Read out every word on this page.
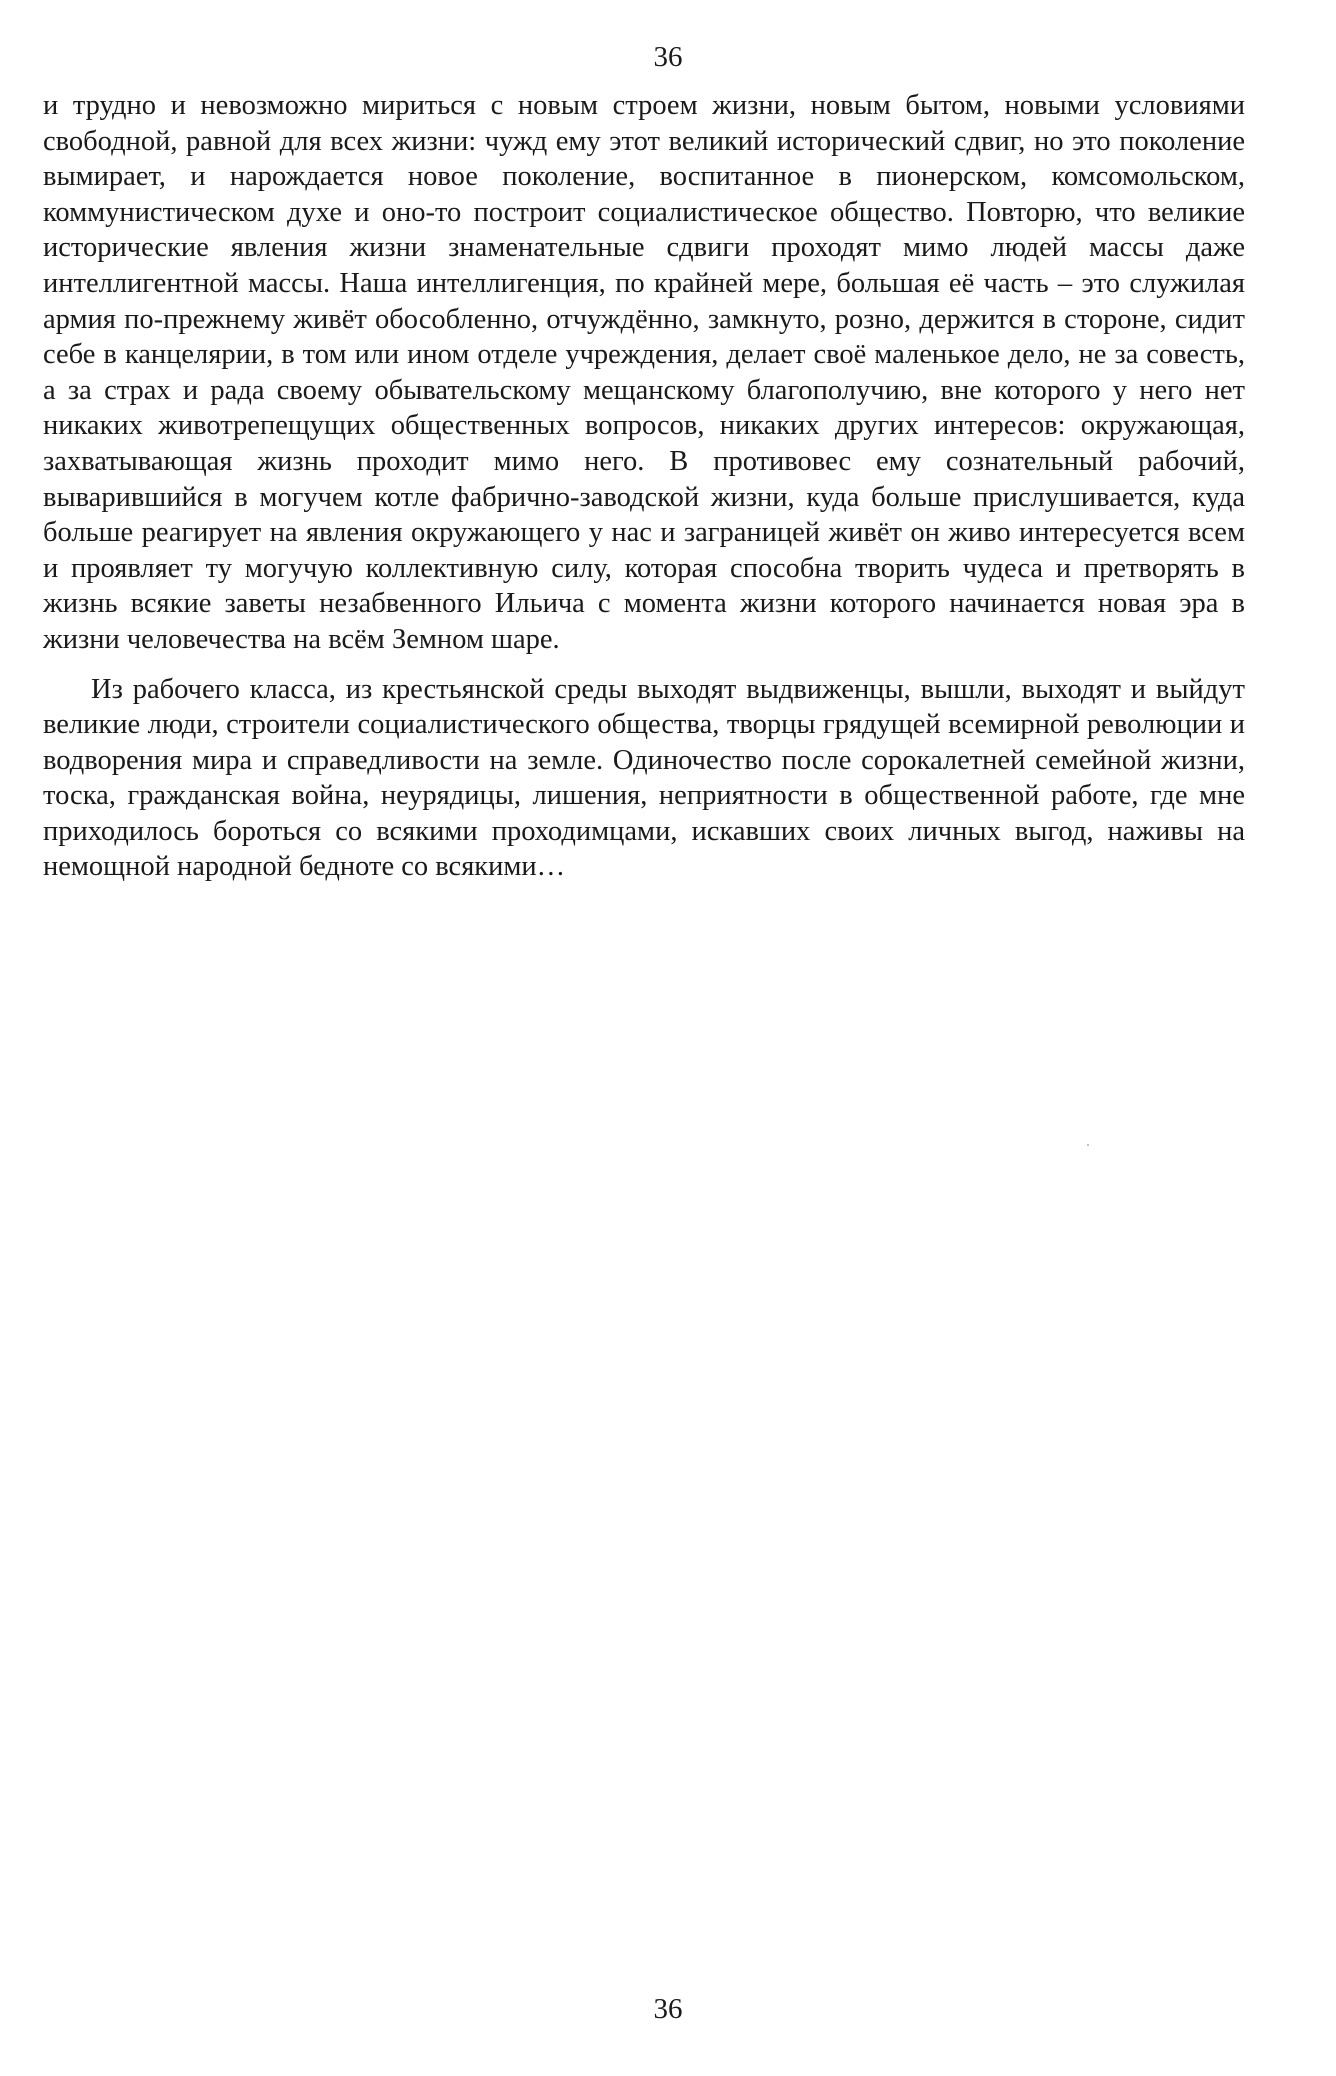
36

и трудно и невозможно мириться с новым строем жизни, новым бытом, новыми условиями свободной, равной для всех жизни: чужд ему этот великий исторический сдвиг, но это поколение вымирает, и нарождается новое поколение, воспитанное в пионерском, комсомольском, коммунистическом духе и оно-то построит социалистическое общество. Повторю, что великие исторические явления жизни знаменательные сдвиги проходят мимо людей массы даже интеллигентной массы. Наша интеллигенция, по крайней мере, большая её часть – это служилая армия по-прежнему живёт обособленно, отчуждённо, замкнуто, розно, держится в стороне, сидит себе в канцелярии, в том или ином отделе учреждения, делает своё маленькое дело, не за совесть, а за страх и рада своему обывательскому мещанскому благополучию, вне которого у него нет никаких животрепещущих общественных вопросов, никаких других интересов: окружающая, захватывающая жизнь проходит мимо него. В противовес ему сознательный рабочий, выварившийся в могучем котле фабрично-заводской жизни, куда больше прислушивается, куда больше реагирует на явления окружающего у нас и заграницей живёт он живо интересуется всем и проявляет ту могучую коллективную силу, которая способна творить чудеса и претворять в жизнь всякие заветы незабвенного Ильича с момента жизни которого начинается новая эра в жизни человечества на всём Земном шаре.

Из рабочего класса, из крестьянской среды выходят выдвиженцы, вышли, выходят и выйдут великие люди, строители социалистического общества, творцы грядущей всемирной революции и водворения мира и справедливости на земле. Одиночество после сорокалетней семейной жизни, тоска, гражданская война, неурядицы, лишения, неприятности в общественной работе, где мне приходилось бороться со всякими проходимцами, искавших своих личных выгод, наживы на немощной народной бедноте со всякими…

36
